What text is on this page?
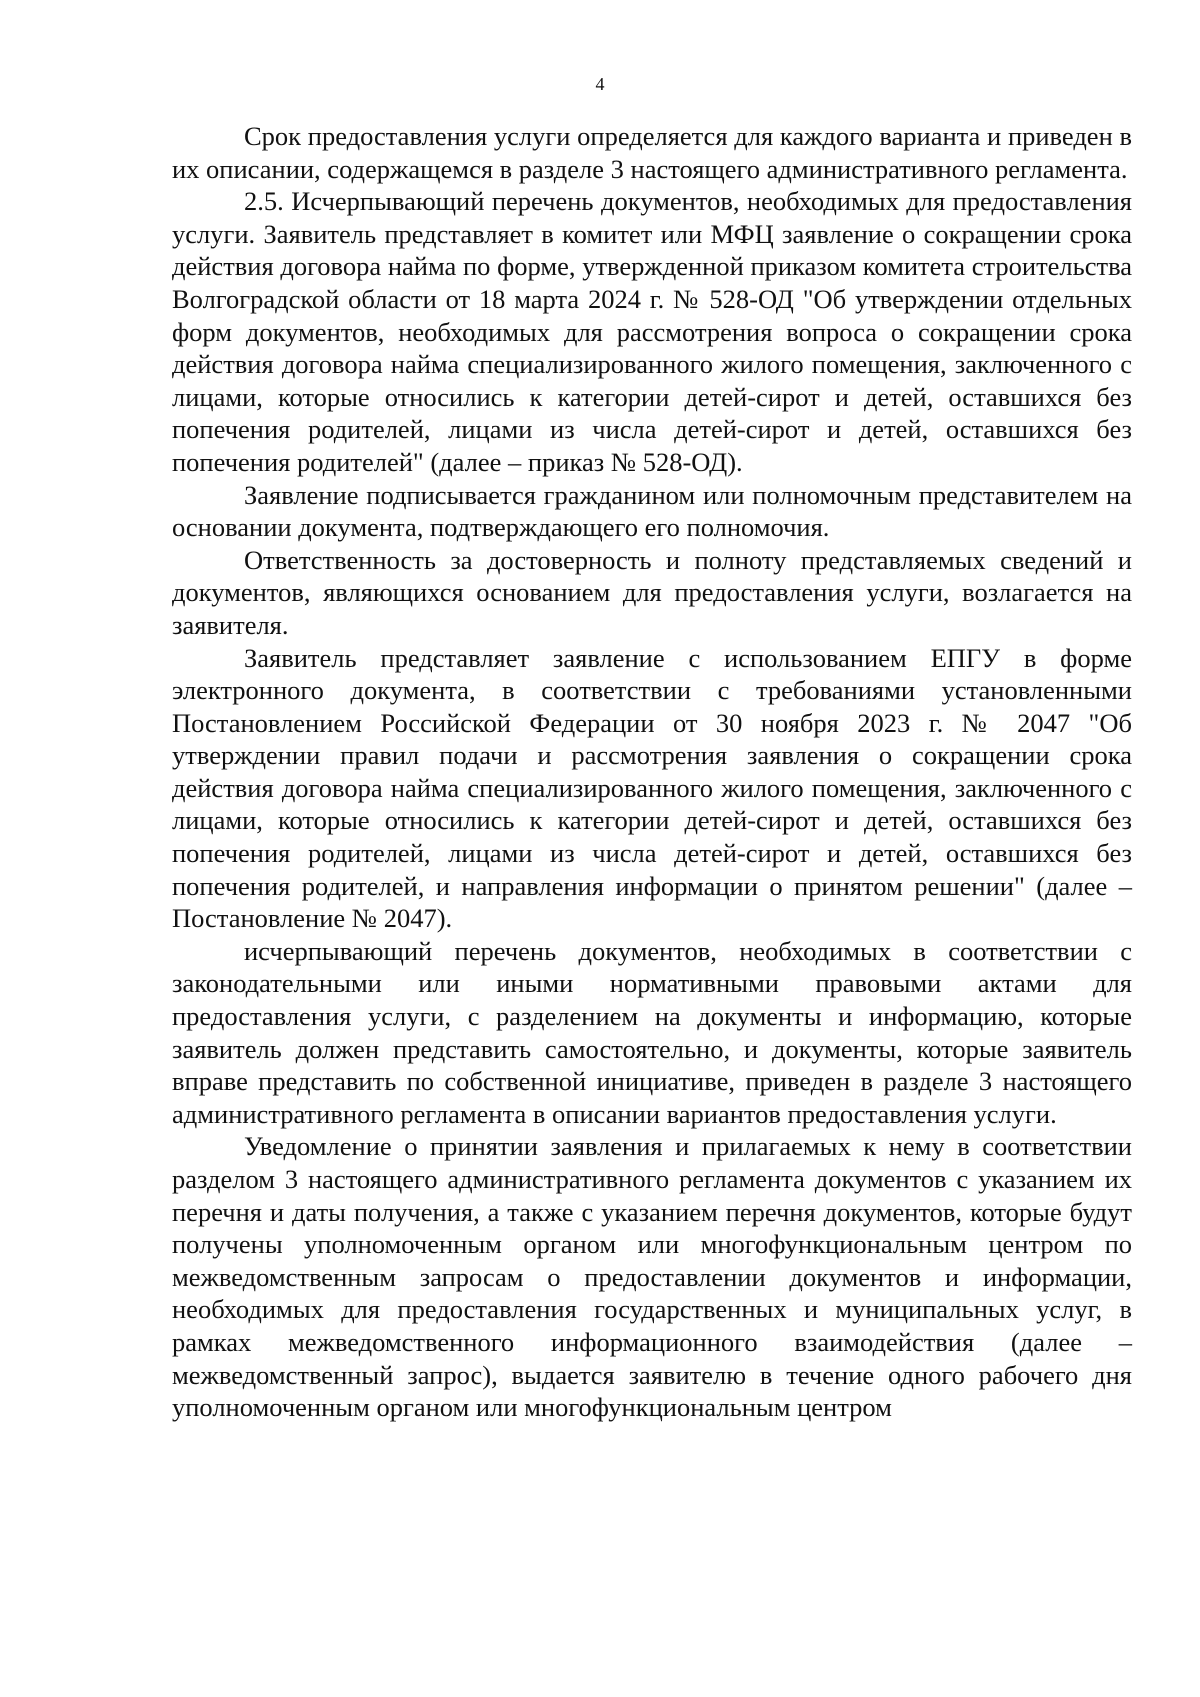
4

Срок предоставления услуги определяется для каждого варианта и приведен в их описании, содержащемся в разделе 3 настоящего административного регламента.

2.5. Исчерпывающий перечень документов, необходимых для предоставления услуги. Заявитель представляет в комитет или МФЦ заявление о сокращении срока действия договора найма по форме, утвержденной приказом комитета строительства Волгоградской области от 18 марта 2024 г. № 528-ОД "Об утверждении отдельных форм документов, необходимых для рассмотрения вопроса о сокращении срока действия договора найма специализированного жилого помещения, заключенного с лицами, которые относились к категории детей-сирот и детей, оставшихся без попечения родителей, лицами из числа детей-сирот и детей, оставшихся без попечения родителей" (далее – приказ № 528-ОД).

Заявление подписывается гражданином или полномочным представителем на основании документа, подтверждающего его полномочия.

Ответственность за достоверность и полноту представляемых сведений и документов, являющихся основанием для предоставления услуги, возлагается на заявителя.

Заявитель представляет заявление с использованием ЕПГУ в форме электронного документа, в соответствии с требованиями установленными Постановлением Российской Федерации от 30 ноября 2023 г. № 2047 "Об утверждении правил подачи и рассмотрения заявления о сокращении срока действия договора найма специализированного жилого помещения, заключенного с лицами, которые относились к категории детей-сирот и детей, оставшихся без попечения родителей, лицами из числа детей-сирот и детей, оставшихся без попечения родителей, и направления информации о принятом решении" (далее – Постановление № 2047).

исчерпывающий перечень документов, необходимых в соответствии с законодательными или иными нормативными правовыми актами для предоставления услуги, с разделением на документы и информацию, которые заявитель должен представить самостоятельно, и документы, которые заявитель вправе представить по собственной инициативе, приведен в разделе 3 настоящего административного регламента в описании вариантов предоставления услуги.

Уведомление о принятии заявления и прилагаемых к нему в соответствии разделом 3 настоящего административного регламента документов с указанием их перечня и даты получения, а также с указанием перечня документов, которые будут получены уполномоченным органом или многофункциональным центром по межведомственным запросам о предоставлении документов и информации, необходимых для предоставления государственных и муниципальных услуг, в рамках межведомственного информационного взаимодействия (далее – межведомственный запрос), выдается заявителю в течение одного рабочего дня уполномоченным органом или многофункциональным центром
